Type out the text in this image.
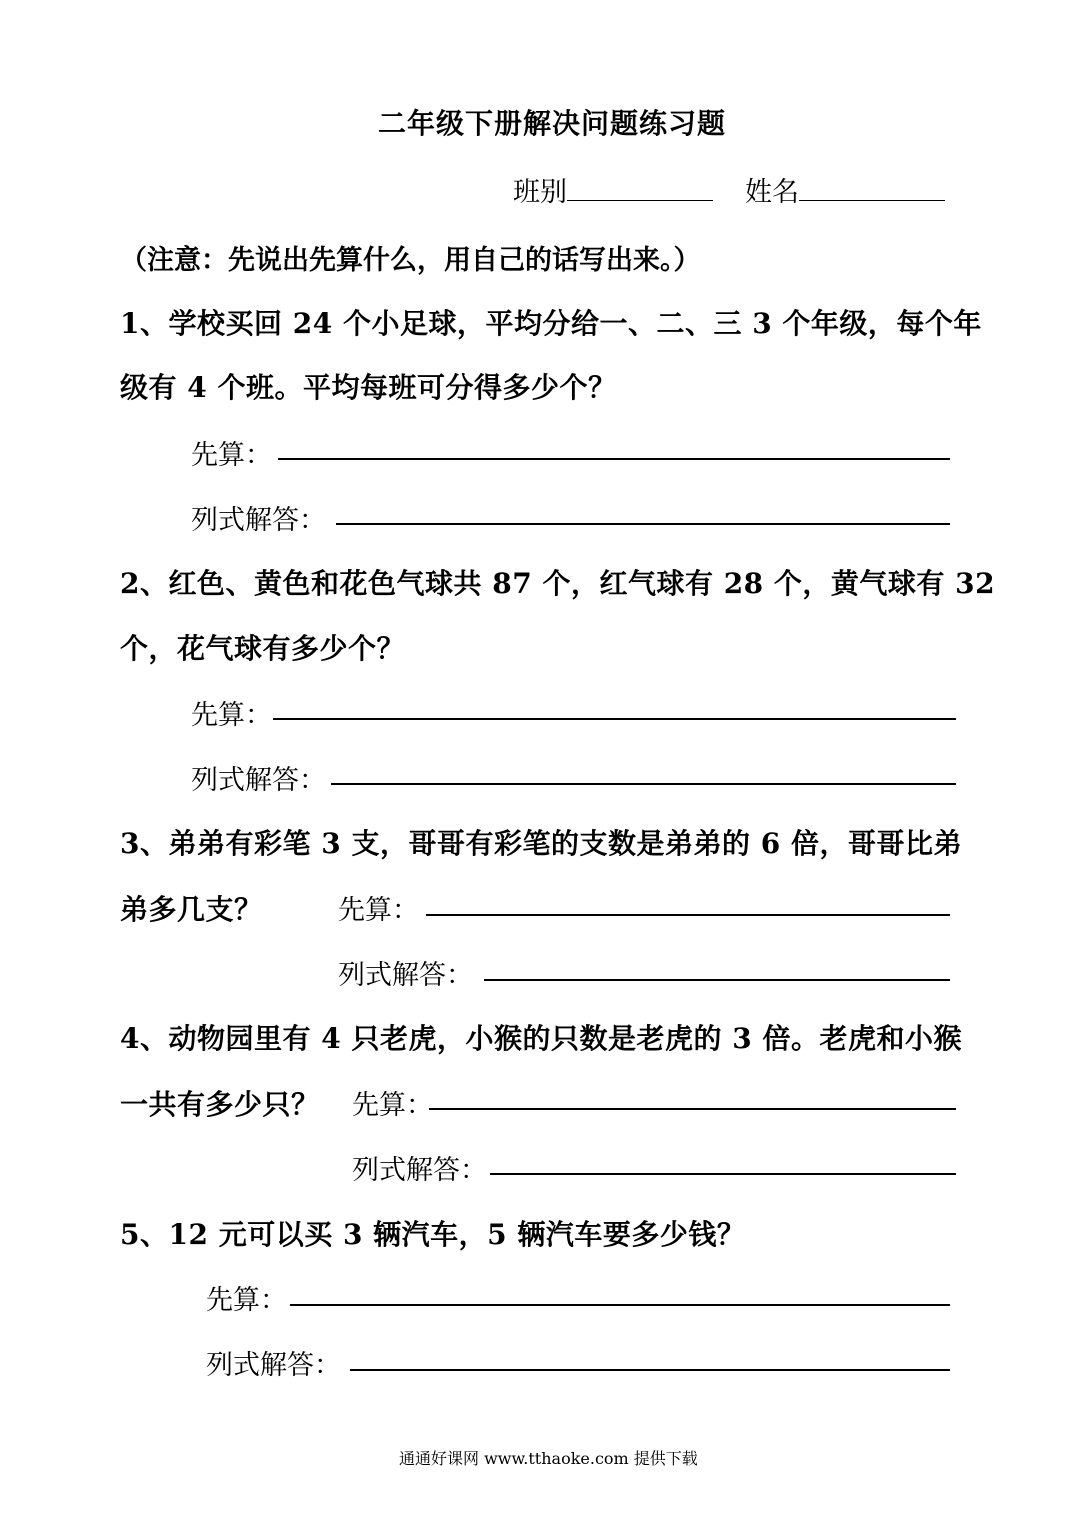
二年级下册解决问题练习题
班别	姓名
（注意：先说出先算什么，用自己的话写出来。）
1、学校买回 24 个小足球，平均分给一、二、三 3 个年级，每个年
级有 4 个班。平均每班可分得多少个？
先算：
列式解答：
2、红色、黄色和花色气球共 87 个，红气球有 28 个，黄气球有 32
个，花气球有多少个？
先算：
列式解答：
3、弟弟有彩笔 3 支，哥哥有彩笔的支数是弟弟的 6 倍，哥哥比弟
弟多几支？	先算：
列式解答：
4、动物园里有 4 只老虎，小猴的只数是老虎的 3 倍。老虎和小猴
一共有多少只？ 先算：
列式解答：
5、12 元可以买 3 辆汽车，5 辆汽车要多少钱？
先算：
列式解答：
通通好课网 www.tthaoke.com 提供下载
